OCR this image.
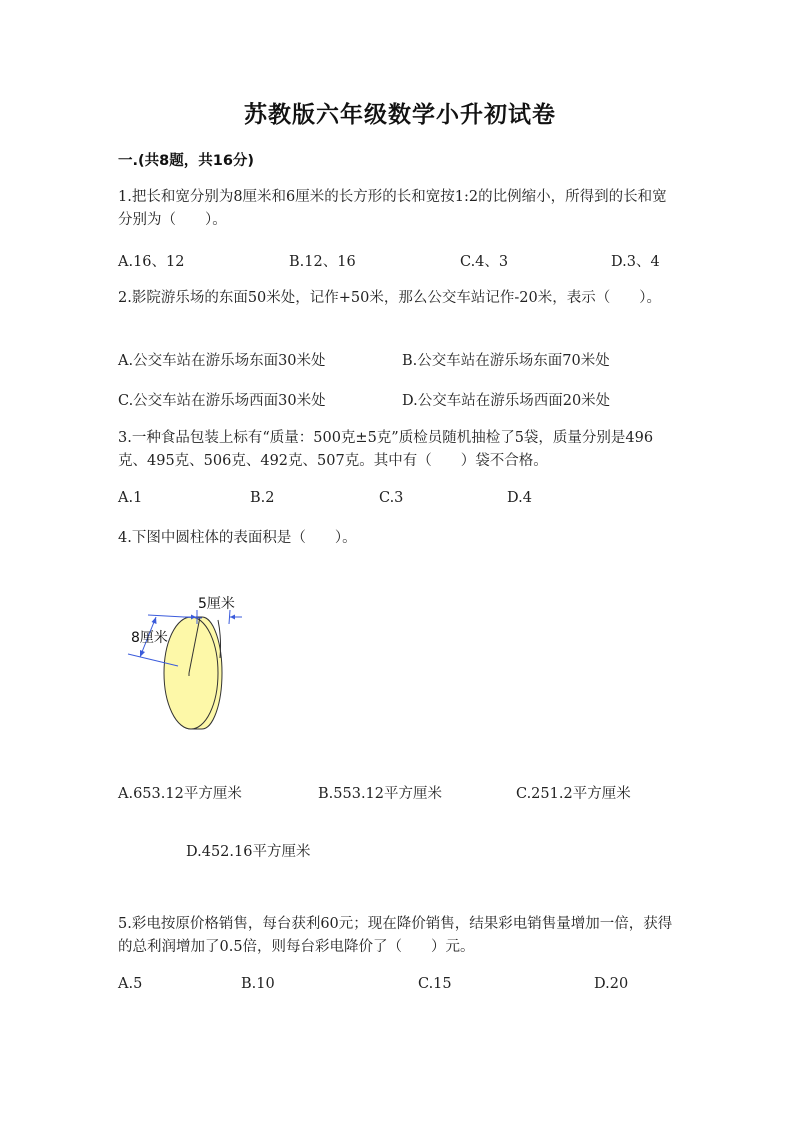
苏教版六年级数学小升初试卷
一.(共8题，共16分)
1.把长和宽分别为8厘米和6厘米的长方形的长和宽按1:2的比例缩小，所得到的长和宽分别为（　　）。
A.16、12	B.12、16	C.4、3	D.3、4
2.影院游乐场的东面50米处，记作+50米，那么公交车站记作-20米，表示（　　）。
A.公交车站在游乐场东面30米处	B.公交车站在游乐场东面70米处
C.公交车站在游乐场西面30米处	D.公交车站在游乐场西面20米处
3.一种食品包装上标有“质量：500克±5克”质检员随机抽检了5袋，质量分别是496克、495克、506克、492克、507克。其中有（　　）袋不合格。
A.1	B.2	C.3	D.4
4.下图中圆柱体的表面积是（　　）。
5厘米
8厘米
A.653.12平方厘米	B.553.12平方厘米	C.251.2平方厘米
D.452.16平方厘米
5.彩电按原价格销售，每台获利60元；现在降价销售，结果彩电销售量增加一倍，获得的总利润增加了0.5倍，则每台彩电降价了（　　）元。
A.5	B.10	C.15	D.20
